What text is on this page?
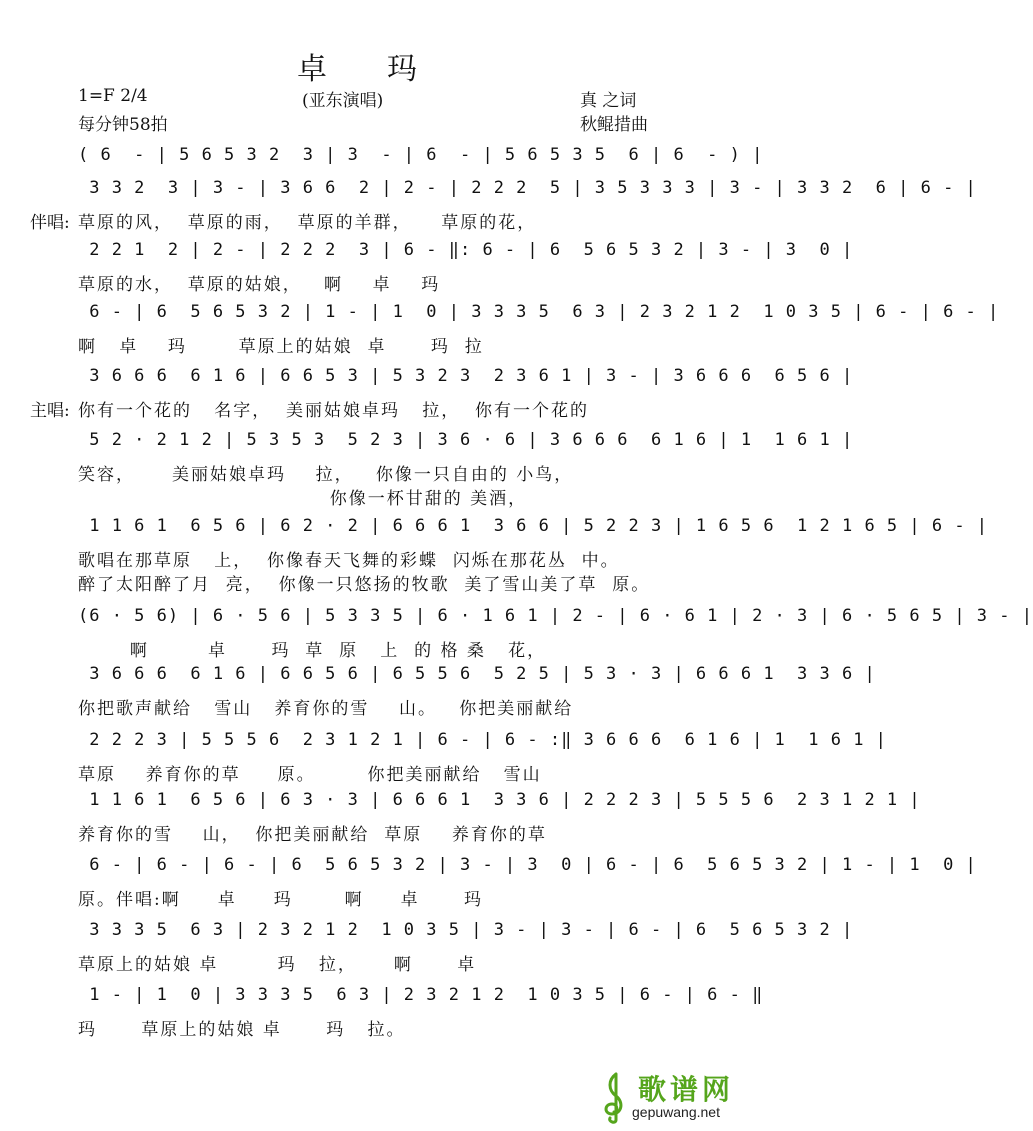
卓玛
1=F 2/4
每分钟58拍
(亚东演唱)	真 之词
秋鲲措曲
( 6  - | 5 6 5 3 2  3 | 3  - | 6  - | 5 6 5 3 5  6 | 6  - ) |
3 3 2  3 | 3 - | 3 6 6  2 | 2 - | 2 2 2  5 | 3 5 3 3 3 | 3 - | 3 3 2  6 | 6 - |
伴唱: 草原的风，  草原的雨，  草原的羊群，    草原的花，
2 2 1  2 | 2 - | 2 2 2  3 | 6 - ‖: 6 - | 6  5 6 5 3 2 | 3 - | 3  0 |
草原的水，  草原的姑娘，   啊    卓    玛
6 - | 6  5 6 5 3 2 | 1 - | 1  0 | 3 3 3 5  6 3 | 2 3 2 1 2  1 0 3 5 | 6 - | 6 - |
啊   卓    玛       草原上的姑娘  卓      玛  拉
3 6 6 6  6 1 6 | 6 6 5 3 | 5 3 2 3  2 3 6 1 | 3 - | 3 6 6 6  6 5 6 |
主唱: 你有一个花的   名字，  美丽姑娘卓玛   拉，  你有一个花的
5 2 · 2 1 2 | 5 3 5 3  5 2 3 | 3 6 · 6 | 3 6 6 6  6 1 6 | 1  1 6 1 |
笑容，     美丽姑娘卓玛    拉，   你像一只自由的 小鸟，
你像一杯甘甜的 美酒，
1 1 6 1  6 5 6 | 6 2 · 2 | 6 6 6 1  3 6 6 | 5 2 2 3 | 1 6 5 6  1 2 1 6 5 | 6 - |
歌唱在那草原   上，  你像春天飞舞的彩蝶  闪烁在那花丛  中。
醉了太阳醉了月  亮，  你像一只悠扬的牧歌  美了雪山美了草  原。
(6 · 5 6) | 6 · 5 6 | 5 3 3 5 | 6 · 1 6 1 | 2 - | 6 · 6 1 | 2 · 3 | 6 · 5 6 5 | 3 - |
啊        卓      玛  草  原   上  的 格 桑   花，
3 6 6 6  6 1 6 | 6 6 5 6 | 6 5 5 6  5 2 5 | 5 3 · 3 | 6 6 6 1  3 3 6 |
你把歌声献给   雪山   养育你的雪    山。   你把美丽献给
2 2 2 3 | 5 5 5 6  2 3 1 2 1 | 6 - | 6 - :‖ 3 6 6 6  6 1 6 | 1  1 6 1 |
草原    养育你的草     原。       你把美丽献给   雪山
1 1 6 1  6 5 6 | 6 3 · 3 | 6 6 6 1  3 3 6 | 2 2 2 3 | 5 5 5 6  2 3 1 2 1 |
养育你的雪    山，  你把美丽献给  草原    养育你的草
6 - | 6 - | 6 - | 6  5 6 5 3 2 | 3 - | 3  0 | 6 - | 6  5 6 5 3 2 | 1 - | 1  0 |
原。伴唱:啊     卓     玛       啊     卓      玛
3 3 3 5  6 3 | 2 3 2 1 2  1 0 3 5 | 3 - | 3 - | 6 - | 6  5 6 5 3 2 |
草原上的姑娘 卓        玛   拉，     啊      卓
1 - | 1  0 | 3 3 3 5  6 3 | 2 3 2 1 2  1 0 3 5 | 6 - | 6 - ‖
玛      草原上的姑娘 卓      玛   拉。
歌谱网
gepuwang.net
